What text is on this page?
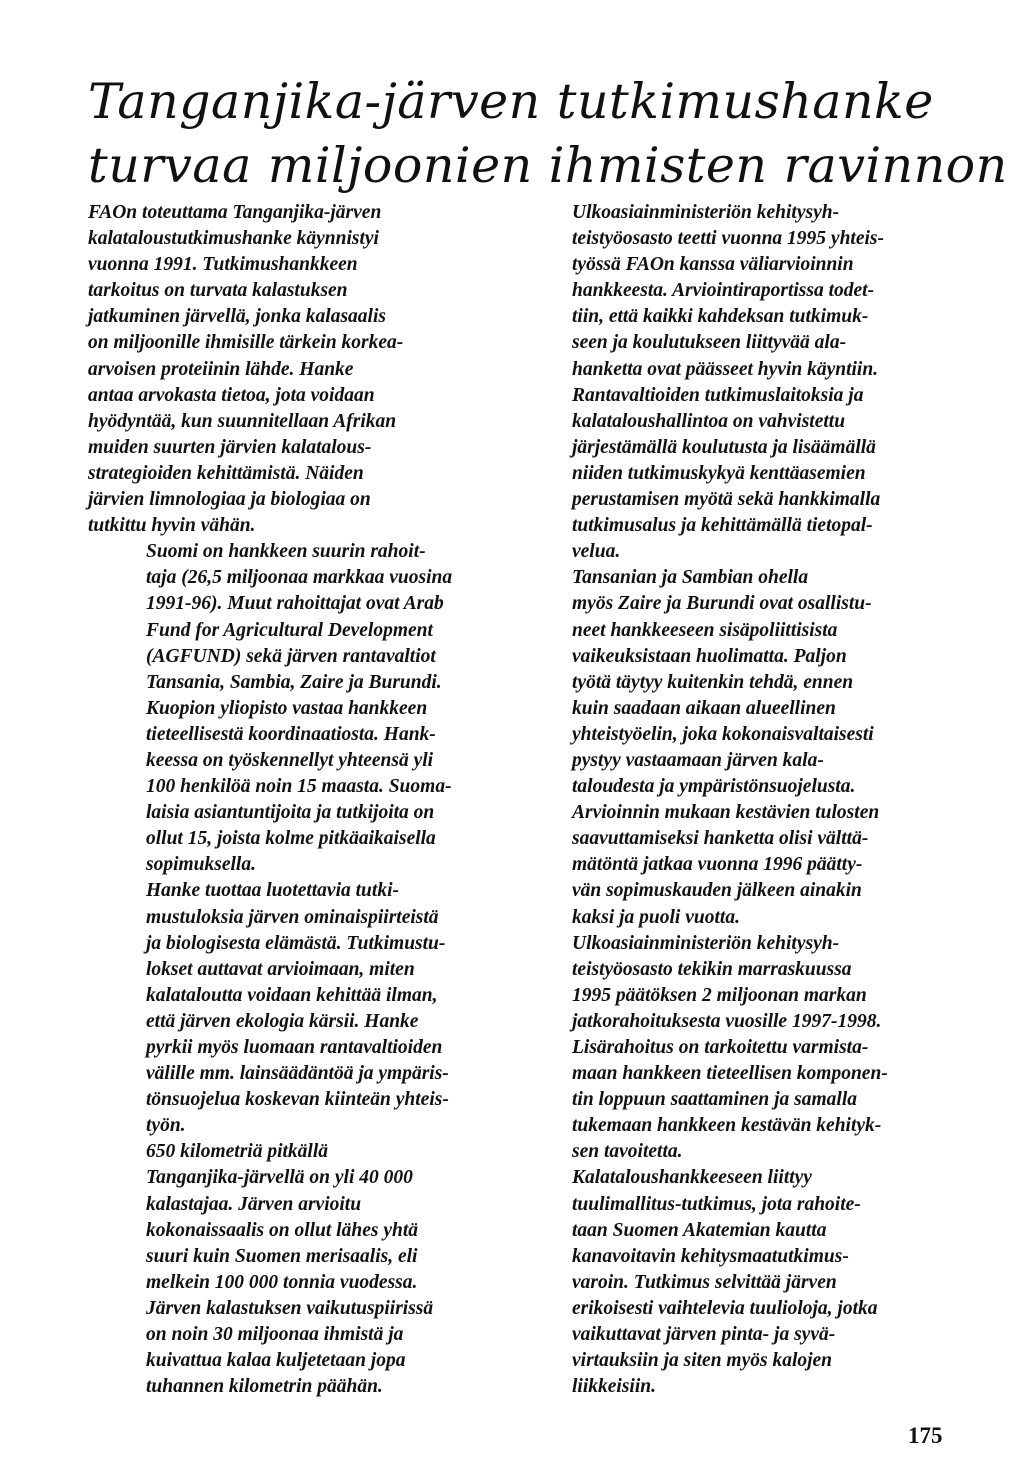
Tanganjika-järven tutkimushanke
turvaa miljoonien ihmisten ravinnon

FAOn toteuttama Tanganjika-järven
kalataloustutkimushanke käynnistyi
vuonna 1991. Tutkimushankkeen
tarkoitus on turvata kalastuksen
jatkuminen järvellä, jonka kalasaalis
on miljoonille ihmisille tärkein korkea-
arvoisen proteiinin lähde. Hanke
antaa arvokasta tietoa, jota voidaan
hyödyntää, kun suunnitellaan Afrikan
muiden suurten järvien kalatalous-
strategioiden kehittämistä. Näiden
järvien limnologiaa ja biologiaa on
tutkittu hyvin vähän.

Suomi on hankkeen suurin rahoit-
taja (26,5 miljoonaa markkaa vuosina
1991-96). Muut rahoittajat ovat Arab
Fund for Agricultural Development
(AGFUND) sekä järven rantavaltiot
Tansania, Sambia, Zaire ja Burundi.
Kuopion yliopisto vastaa hankkeen
tieteellisestä koordinaatiosta. Hank-
keessa on työskennellyt yhteensä yli
100 henkilöä noin 15 maasta. Suoma-
laisia asiantuntijoita ja tutkijoita on
ollut 15, joista kolme pitkäaikaisella
sopimuksella.

Hanke tuottaa luotettavia tutki-
mustuloksia järven ominaispiirteistä
ja biologisesta elämästä. Tutkimustu-
lokset auttavat arvioimaan, miten
kalataloutta voidaan kehittää ilman,
että järven ekologia kärsii. Hanke
pyrkii myös luomaan rantavaltioiden
välille mm. lainsäädäntöä ja ympäris-
tönsuojelua koskevan kiinteän yhteis-
työn.

650 kilometriä pitkällä
Tanganjika-järvellä on yli 40 000
kalastajaa. Järven arvioitu
kokonaissaalis on ollut lähes yhtä
suuri kuin Suomen merisaalis, eli
melkein 100 000 tonnia vuodessa.
Järven kalastuksen vaikutuspiirissä
on noin 30 miljoonaa ihmistä ja
kuivattua kalaa kuljetetaan jopa
tuhannen kilometrin päähän.

Ulkoasiainministeriön kehitysyh-
teistyöosasto teetti vuonna 1995 yhteis-
työssä FAOn kanssa väliarvioinnin
hankkeesta. Arviointiraportissa todet-
tiin, että kaikki kahdeksan tutkimuk-
seen ja koulutukseen liittyvää ala-
hanketta ovat päässeet hyvin käyntiin.
Rantavaltioiden tutkimuslaitoksia ja
kalataloushallintoa on vahvistettu
järjestämällä koulutusta ja lisäämällä
niiden tutkimuskykyä kenttäasemien
perustamisen myötä sekä hankkimalla
tutkimusalus ja kehittämällä tietopal-
velua.

Tansanian ja Sambian ohella
myös Zaire ja Burundi ovat osallistu-
neet hankkeeseen sisäpoliittisista
vaikeuksistaan huolimatta. Paljon
työtä täytyy kuitenkin tehdä, ennen
kuin saadaan aikaan alueellinen
yhteistyöelin, joka kokonaisvaltaisesti
pystyy vastaamaan järven kala-
taloudesta ja ympäristönsuojelusta.
Arvioinnin mukaan kestävien tulosten
saavuttamiseksi hanketta olisi välttä-
mätöntä jatkaa vuonna 1996 päätty-
vän sopimuskauden jälkeen ainakin
kaksi ja puoli vuotta.

Ulkoasiainministeriön kehitysyh-
teistyöosasto tekikin marraskuussa
1995 päätöksen 2 miljoonan markan
jatkorahoituksesta vuosille 1997-1998.
Lisärahoitus on tarkoitettu varmista-
maan hankkeen tieteellisen komponen-
tin loppuun saattaminen ja samalla
tukemaan hankkeen kestävän kehityk-
sen tavoitetta.

Kalataloushankkeeseen liittyy
tuulimallitus-tutkimus, jota rahoite-
taan Suomen Akatemian kautta
kanavoitavin kehitysmaatutkimus-
varoin. Tutkimus selvittää järven
erikoisesti vaihtelevia tuulioloja, jotka
vaikuttavat järven pinta- ja syvä-
virtauksiin ja siten myös kalojen
liikkeisiin.

175
